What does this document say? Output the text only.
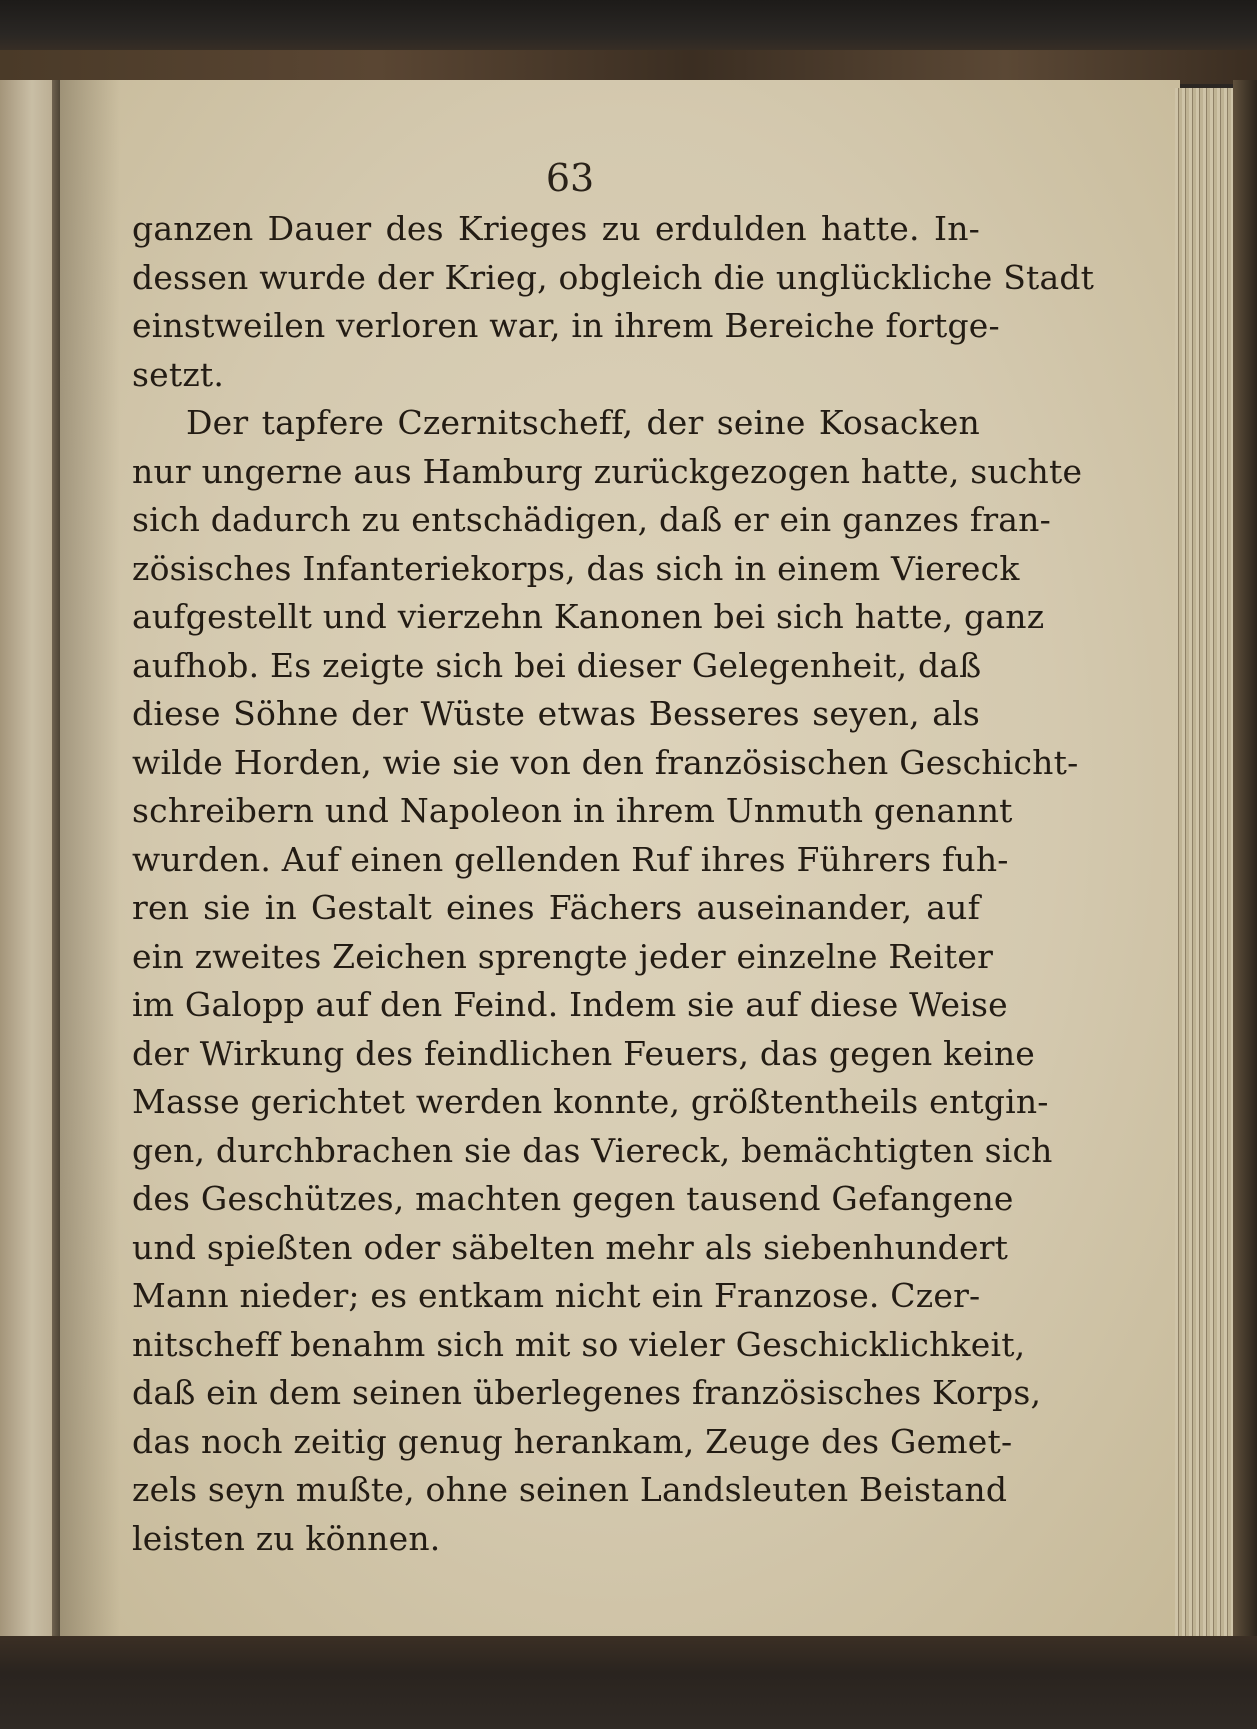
63
ganzen Dauer des Krieges zu erdulden hatte. In-
dessen wurde der Krieg, obgleich die unglückliche Stadt
einstweilen verloren war, in ihrem Bereiche fortge-
setzt.
Der tapfere Czernitscheff, der seine Kosacken
nur ungerne aus Hamburg zurückgezogen hatte, suchte
sich dadurch zu entschädigen, daß er ein ganzes fran-
zösisches Infanteriekorps, das sich in einem Viereck
aufgestellt und vierzehn Kanonen bei sich hatte, ganz
aufhob. Es zeigte sich bei dieser Gelegenheit, daß
diese Söhne der Wüste etwas Besseres seyen, als
wilde Horden, wie sie von den französischen Geschicht-
schreibern und Napoleon in ihrem Unmuth genannt
wurden. Auf einen gellenden Ruf ihres Führers fuh-
ren sie in Gestalt eines Fächers auseinander, auf
ein zweites Zeichen sprengte jeder einzelne Reiter
im Galopp auf den Feind. Indem sie auf diese Weise
der Wirkung des feindlichen Feuers, das gegen keine
Masse gerichtet werden konnte, größtentheils entgin-
gen, durchbrachen sie das Viereck, bemächtigten sich
des Geschützes, machten gegen tausend Gefangene
und spießten oder säbelten mehr als siebenhundert
Mann nieder; es entkam nicht ein Franzose. Czer-
nitscheff benahm sich mit so vieler Geschicklichkeit,
daß ein dem seinen überlegenes französisches Korps,
das noch zeitig genug herankam, Zeuge des Gemet-
zels seyn mußte, ohne seinen Landsleuten Beistand
leisten zu können.
